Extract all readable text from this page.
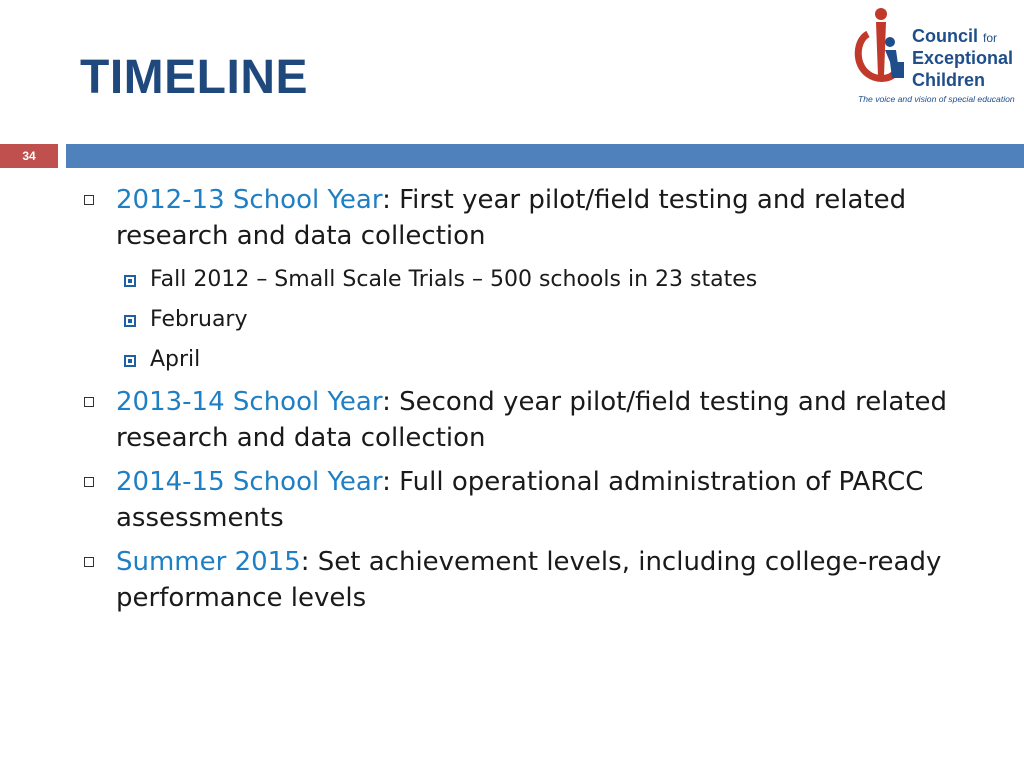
TIMELINE
Council for
Exceptional
Children
The voice and vision of special education
34
2012-13 School Year: First year pilot/field testing and related research and data collection
Fall 2012 – Small Scale Trials – 500 schools in 23 states
February
April
2013-14 School Year: Second year pilot/field testing and related research and data collection
2014-15 School Year: Full operational administration of PARCC assessments
Summer 2015: Set achievement levels, including college-ready performance levels
